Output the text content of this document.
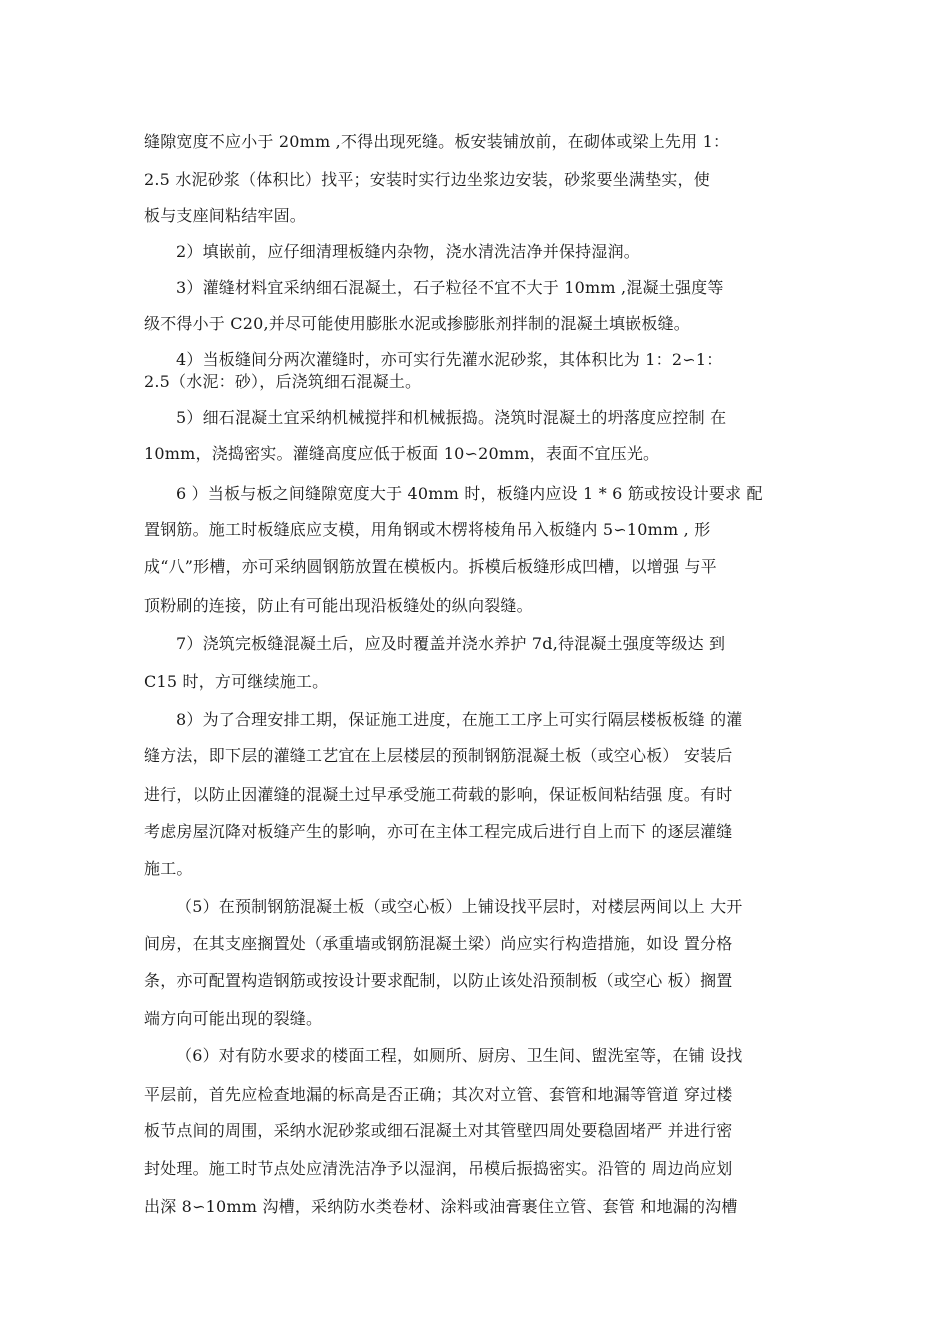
缝隙宽度不应小于 20mm ,不得出现死缝。板安装铺放前，在砌体或梁上先用 1：
2.5 水泥砂浆（体积比）找平；安装时实行边坐浆边安装，砂浆要坐满垫实，使
板与支座间粘结牢固。
2）填嵌前，应仔细清理板缝内杂物，浇水清洗洁净并保持湿润。
3）灌缝材料宜采纳细石混凝土，石子粒径不宜不大于 10mm ,混凝土强度等
级不得小于 C20,并尽可能使用膨胀水泥或掺膨胀剂拌制的混凝土填嵌板缝。
4）当板缝间分两次灌缝时，亦可实行先灌水泥砂浆，其体积比为 1：2∽1：
2.5（水泥：砂），后浇筑细石混凝土。
5）细石混凝土宜采纳机械搅拌和机械振捣。浇筑时混凝土的坍落度应控制 在
10mm，浇捣密实。灌缝高度应低于板面 10∽20mm，表面不宜压光。
6 ）当板与板之间缝隙宽度大于 40mm 时，板缝内应设 1 * 6 筋或按设计要求 配
置钢筋。施工时板缝底应支模，用角钢或木楞将棱角吊入板缝内 5∽10mm , 形
成“八”形槽，亦可采纳圆钢筋放置在模板内。拆模后板缝形成凹槽，以增强 与平
顶粉刷的连接，防止有可能出现沿板缝处的纵向裂缝。
7）浇筑完板缝混凝土后，应及时覆盖并浇水养护 7d,待混凝土强度等级达 到
C15 时，方可继续施工。
8）为了合理安排工期，保证施工进度，在施工工序上可实行隔层楼板板缝 的灌
缝方法，即下层的灌缝工艺宜在上层楼层的预制钢筋混凝土板（或空心板） 安装后
进行，以防止因灌缝的混凝土过早承受施工荷载的影响，保证板间粘结强 度。有时
考虑房屋沉降对板缝产生的影响，亦可在主体工程完成后进行自上而下 的逐层灌缝
施工。
（5）在预制钢筋混凝土板（或空心板）上铺设找平层时，对楼层两间以上 大开
间房，在其支座搁置处（承重墙或钢筋混凝土梁）尚应实行构造措施，如设 置分格
条，亦可配置构造钢筋或按设计要求配制，以防止该处沿预制板（或空心 板）搁置
端方向可能出现的裂缝。
（6）对有防水要求的楼面工程，如厕所、厨房、卫生间、盥洗室等，在铺 设找
平层前，首先应检查地漏的标高是否正确；其次对立管、套管和地漏等管道 穿过楼
板节点间的周围，采纳水泥砂浆或细石混凝土对其管壁四周处要稳固堵严 并进行密
封处理。施工时节点处应清洗洁净予以湿润，吊模后振捣密实。沿管的 周边尚应划
出深 8∽10mm 沟槽，采纳防水类卷材、涂料或油膏裹住立管、套管 和地漏的沟槽
